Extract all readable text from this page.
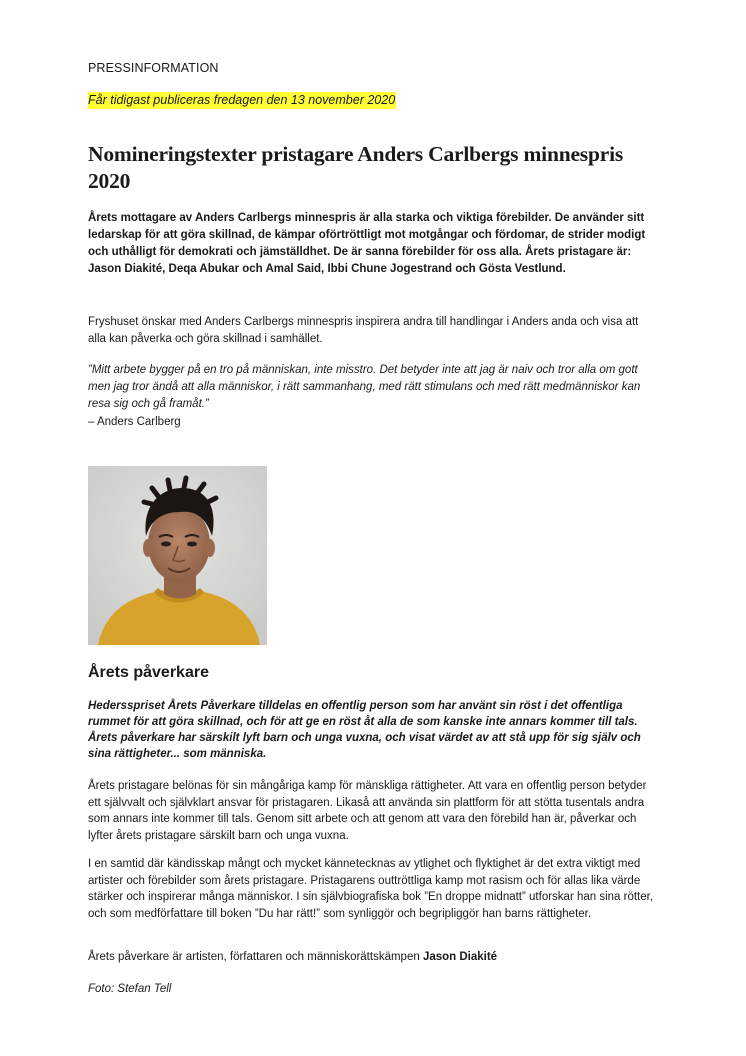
PRESSINFORMATION
Får tidigast publiceras fredagen den 13 november 2020
Nomineringstexter pristagare Anders Carlbergs minnespris 2020

Årets mottagare av Anders Carlbergs minnespris är alla starka och viktiga förebilder. De använder sitt ledarskap för att göra skillnad, de kämpar oförtröttligt mot motgångar och fördomar, de strider modigt och uthålligt för demokrati och jämställdhet. De är sanna förebilder för oss alla. Årets pristagare är: Jason Diakité, Deqa Abukar och Amal Said, Ibbi Chune Jogestrand och Gösta Vestlund.

Fryshuset önskar med Anders Carlbergs minnespris inspirera andra till handlingar i Anders anda och visa att alla kan påverka och göra skillnad i samhället.

”Mitt arbete bygger på en tro på människan, inte misstro. Det betyder inte att jag är naiv och tror alla om gott men jag tror ändå att alla människor, i rätt sammanhang, med rätt stimulans och med rätt medmänniskor kan resa sig och gå framåt.”

– Anders Carlberg

Årets påverkare

Hedersspriset Årets Påverkare tilldelas en offentlig person som har använt sin röst i det offentliga rummet för att göra skillnad, och för att ge en röst åt alla de som kanske inte annars kommer till tals. Årets påverkare har särskilt lyft barn och unga vuxna, och visat värdet av att stå upp för sig själv och sina rättigheter... som människa.

Årets pristagare belönas för sin mångåriga kamp för mänskliga rättigheter. Att vara en offentlig person betyder ett självvalt och självklart ansvar för pristagaren. Likaså att använda sin plattform för att stötta tusentals andra som annars inte kommer till tals. Genom sitt arbete och att genom att vara den förebild han är, påverkar och lyfter årets pristagare särskilt barn och unga vuxna.

I en samtid där kändisskap mångt och mycket kännetecknas av ytlighet och flyktighet är det extra viktigt med artister och förebilder som årets pristagare. Pristagarens outtröttliga kamp mot rasism och för allas lika värde stärker och inspirerar många människor. I sin självbiografiska bok ”En droppe midnatt” utforskar han sina rötter, och som medförfattare till boken ”Du har rätt!” som synliggör och begripliggör han barns rättigheter.

Årets påverkare är artisten, författaren och människorättskämpen Jason Diakité

Foto: Stefan Tell
